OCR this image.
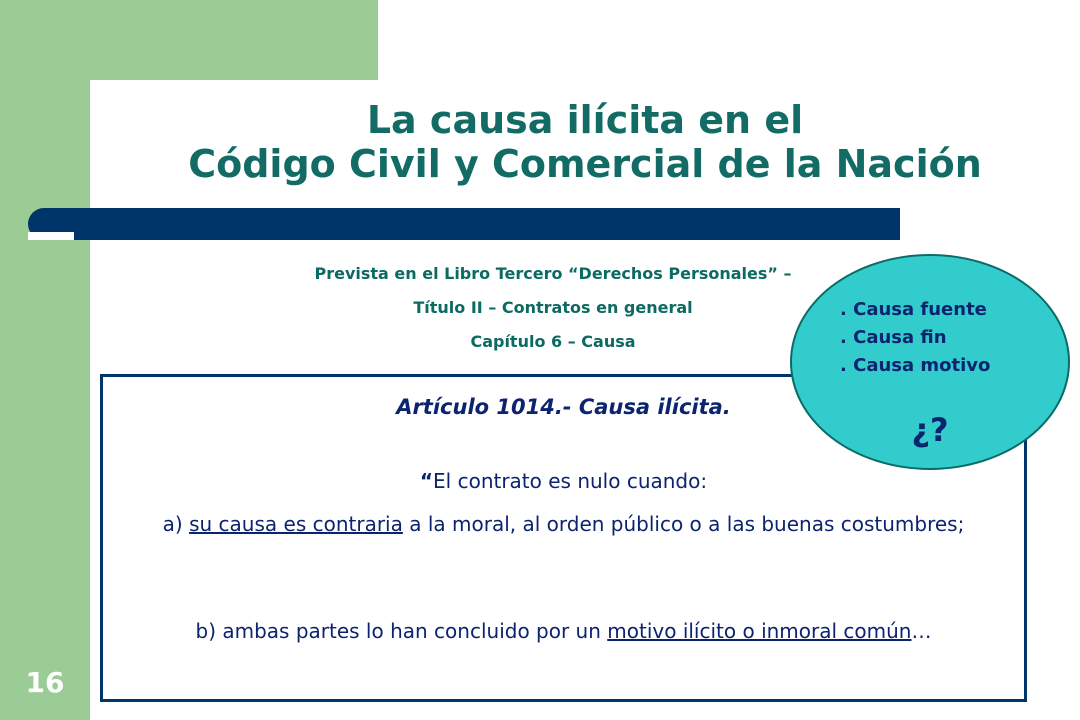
La causa ilícita en el
Código Civil y Comercial de la Nación
Prevista en el Libro Tercero “Derechos Personales” –
Título II – Contratos en general
Capítulo 6 – Causa
Artículo 1014.- Causa ilícita.
“El contrato es nulo cuando:
a) su causa es contraria a la moral, al orden público o a las buenas costumbres;
b) ambas partes lo han concluido por un motivo ilícito o inmoral común…
. Causa fuente
. Causa fin
. Causa motivo
¿?
16
